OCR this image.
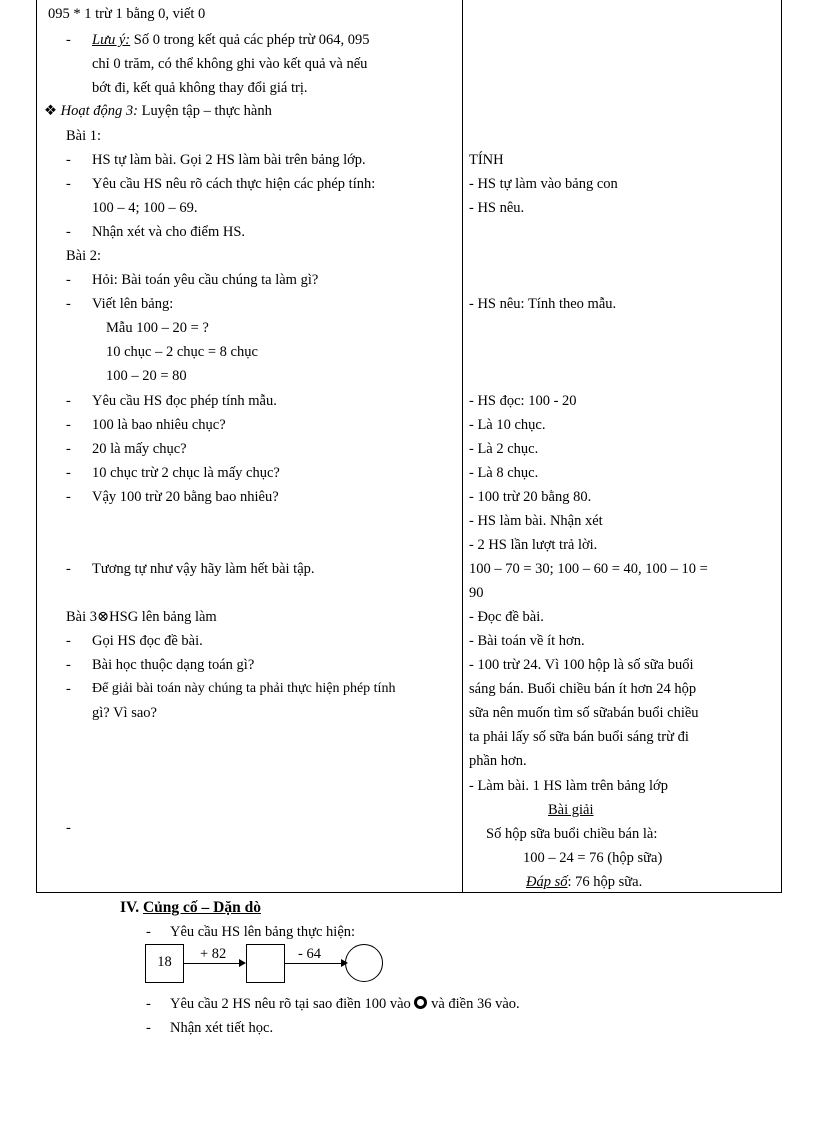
095 * 1 trừ 1 bằng 0, viết 0
- Lưu ý: Số 0 trong kết quả các phép trừ 064, 095
chỉ 0 trăm, có thể không ghi vào kết quả và nếu
bớt đi, kết quả không thay đổi giá trị.
❖ Hoạt động 3: Luyện tập – thực hành
Bài 1:
- HS tự làm bài. Gọi 2 HS làm bài trên bảng lớp.
- Yêu cầu HS nêu rõ cách thực hiện các phép tính:
100 – 4; 100 – 69.
- Nhận xét và cho điểm HS.
Bài 2:
- Hỏi: Bài toán yêu cầu chúng ta làm gì?
- Viết lên bảng:
Mẫu 100 – 20 = ?
10 chục – 2 chục = 8 chục
100 – 20 = 80
- Yêu cầu HS đọc phép tính mẫu.
- 100 là bao nhiêu chục?
- 20 là mấy chục?
- 10 chục trừ 2 chục là mấy chục?
- Vậy 100 trừ 20 bằng bao nhiêu?
- Tương tự như vậy hãy làm hết bài tập.
Bài 3⊗HSG lên bảng làm
- Gọi HS đọc đề bài.
- Bài học thuộc dạng toán gì?
- Để giải bài toán này chúng ta phải thực hiện phép tính
gì? Vì sao?
-
TÍNH
- HS tự làm vào bảng con
- HS nêu.
- HS nêu: Tính theo mẫu.
- HS đọc: 100 - 20
- Là 10 chục.
- Là 2 chục.
- Là 8 chục.
- 100 trừ 20 bằng 80.
- HS làm bài. Nhận xét
- 2 HS lần lượt trả lời.
100 – 70 = 30; 100 – 60 = 40, 100 – 10 =
90
- Đọc đề bài.
- Bài toán về ít hơn.
- 100 trừ 24. Vì 100 hộp là số sữa buổi
sáng bán. Buổi chiều bán ít hơn 24 hộp
sữa nên muốn tìm số sữabán buổi chiều
ta phải lấy số sữa bán buổi sáng trừ đi
phần hơn.
- Làm bài. 1 HS làm trên bảng lớp
Bài giải
Số hộp sữa buổi chiều bán là:
100 – 24 = 76 (hộp sữa)
Đáp số: 76 hộp sữa.
IV. Củng cố – Dặn dò
- Yêu cầu HS lên bảng thực hiện:
18	+ 82	- 64
- Yêu cầu 2 HS nêu rõ tại sao điền 100 vào  và điền 36 vào.
- Nhận xét tiết học.
